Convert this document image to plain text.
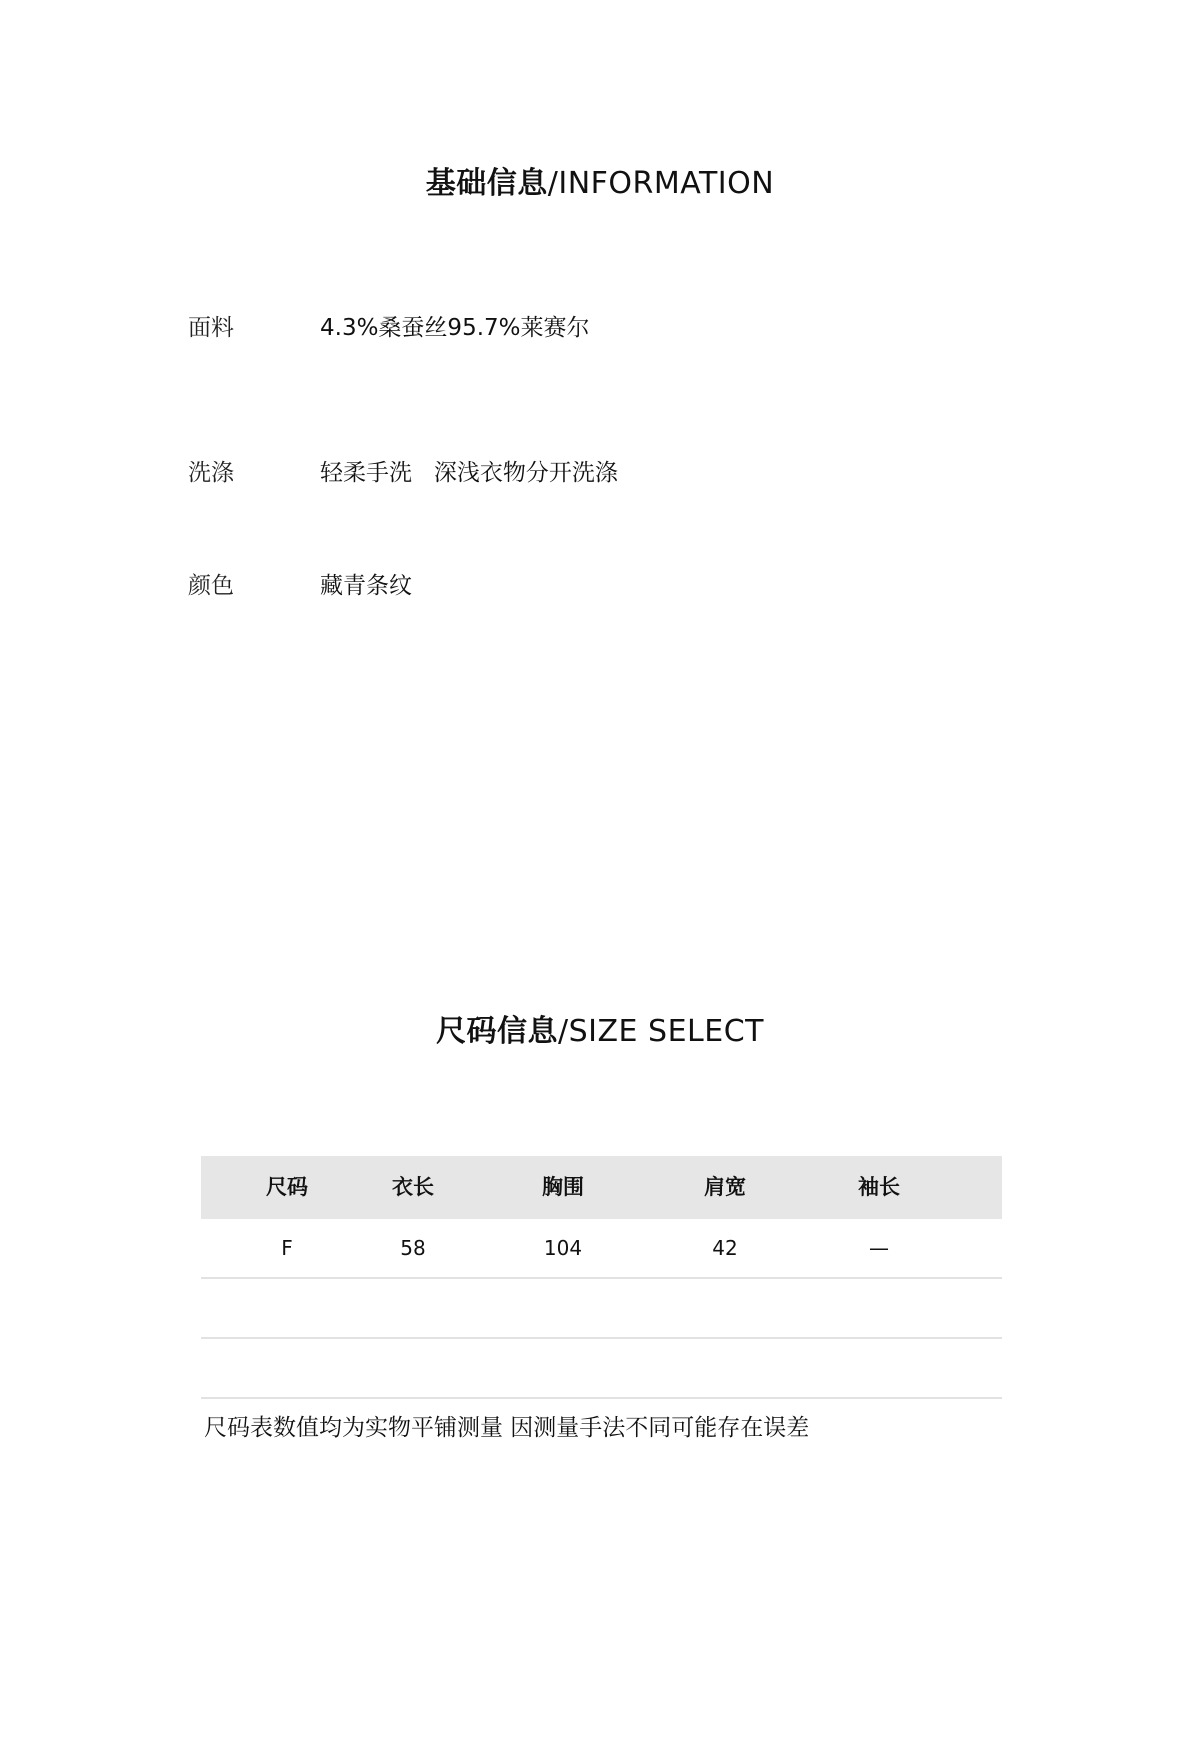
基础信息/INFORMATION
面料	4.3%桑蚕丝95.7%莱赛尔
洗涤	轻柔手洗   深浅衣物分开洗涤
颜色	藏青条纹
尺码信息/SIZE SELECT
尺码	衣长	胸围	肩宽	袖长
F	58	104	42	—
尺码表数值均为实物平铺测量 因测量手法不同可能存在误差
